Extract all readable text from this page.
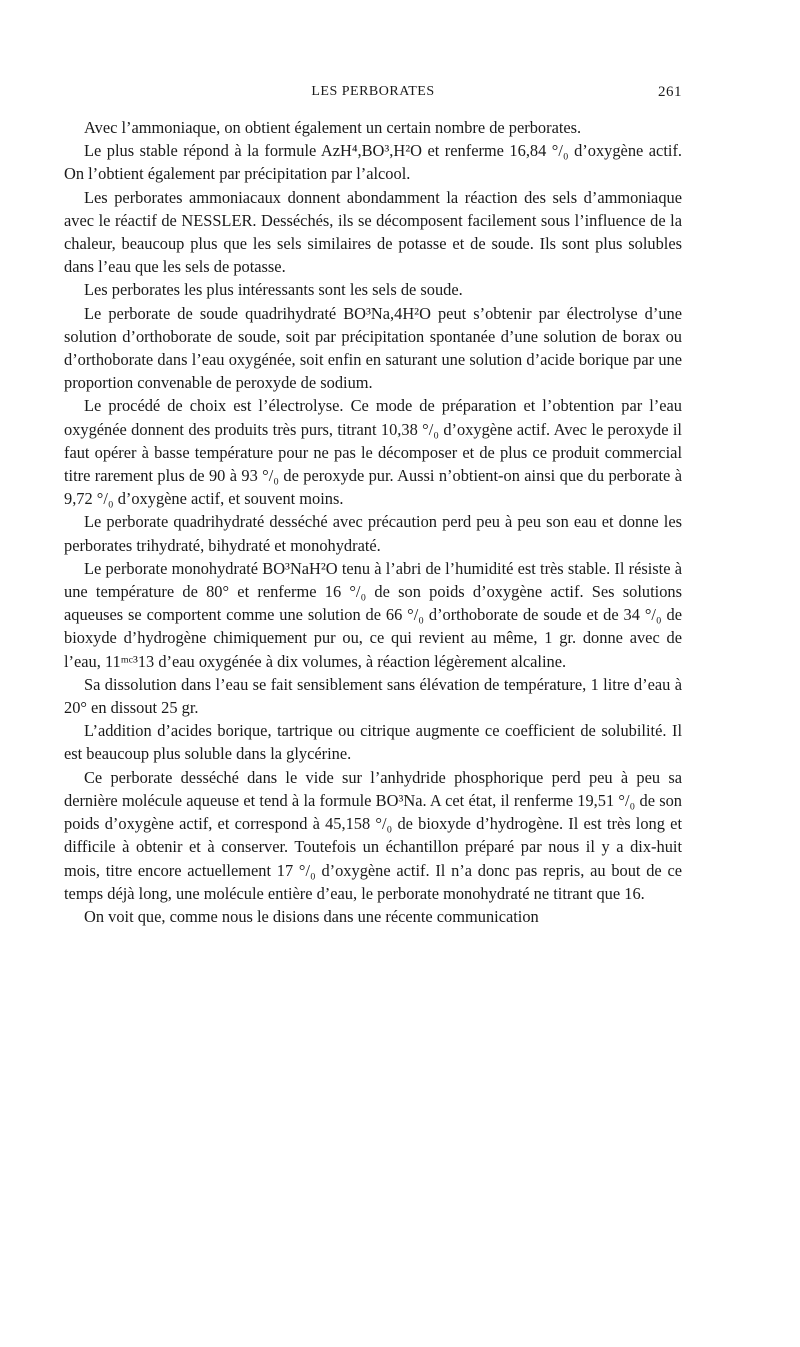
LES PERBORATES	261

Avec l’ammoniaque, on obtient également un certain nombre de perborates.

Le plus stable répond à la formule AzH⁴,BO³,H²O et renferme 16,84 °/₀ d’oxygène actif. On l’obtient également par précipitation par l’alcool.

Les perborates ammoniacaux donnent abondamment la réaction des sels d’ammoniaque avec le réactif de NESSLER. Desséchés, ils se décomposent facilement sous l’influence de la chaleur, beaucoup plus que les sels similaires de potasse et de soude. Ils sont plus solubles dans l’eau que les sels de potasse.

Les perborates les plus intéressants sont les sels de soude.

Le perborate de soude quadrihydraté BO³Na,4H²O peut s’obtenir par électrolyse d’une solution d’orthoborate de soude, soit par précipitation spontanée d’une solution de borax ou d’orthoborate dans l’eau oxygénée, soit enfin en saturant une solution d’acide borique par une proportion convenable de peroxyde de sodium.

Le procédé de choix est l’électrolyse. Ce mode de préparation et l’obtention par l’eau oxygénée donnent des produits très purs, titrant 10,38 °/₀ d’oxygène actif. Avec le peroxyde il faut opérer à basse température pour ne pas le décomposer et de plus ce produit commercial titre rarement plus de 90 à 93 °/₀ de peroxyde pur. Aussi n’obtient-on ainsi que du perborate à 9,72 °/₀ d’oxygène actif, et souvent moins.

Le perborate quadrihydraté desséché avec précaution perd peu à peu son eau et donne les perborates trihydraté, bihydraté et monohydraté.

Le perborate monohydraté BO³NaH²O tenu à l’abri de l’humidité est très stable. Il résiste à une température de 80° et renferme 16 °/₀ de son poids d’oxygène actif. Ses solutions aqueuses se comportent comme une solution de 66 °/₀ d’orthoborate de soude et de 34 °/₀ de bioxyde d’hydrogène chimiquement pur ou, ce qui revient au même, 1 gr. donne avec de l’eau, 11ᵐᶜ³13 d’eau oxygénée à dix volumes, à réaction légèrement alcaline.

Sa dissolution dans l’eau se fait sensiblement sans élévation de température, 1 litre d’eau à 20° en dissout 25 gr.

L’addition d’acides borique, tartrique ou citrique augmente ce coefficient de solubilité. Il est beaucoup plus soluble dans la glycérine.

Ce perborate desséché dans le vide sur l’anhydride phosphorique perd peu à peu sa dernière molécule aqueuse et tend à la formule BO³Na. A cet état, il renferme 19,51 °/₀ de son poids d’oxygène actif, et correspond à 45,158 °/₀ de bioxyde d’hydrogène. Il est très long et difficile à obtenir et à conserver. Toutefois un échantillon préparé par nous il y a dix-huit mois, titre encore actuellement 17 °/₀ d’oxygène actif. Il n’a donc pas repris, au bout de ce temps déjà long, une molécule entière d’eau, le perborate monohydraté ne titrant que 16.

On voit que, comme nous le disions dans une récente communication
